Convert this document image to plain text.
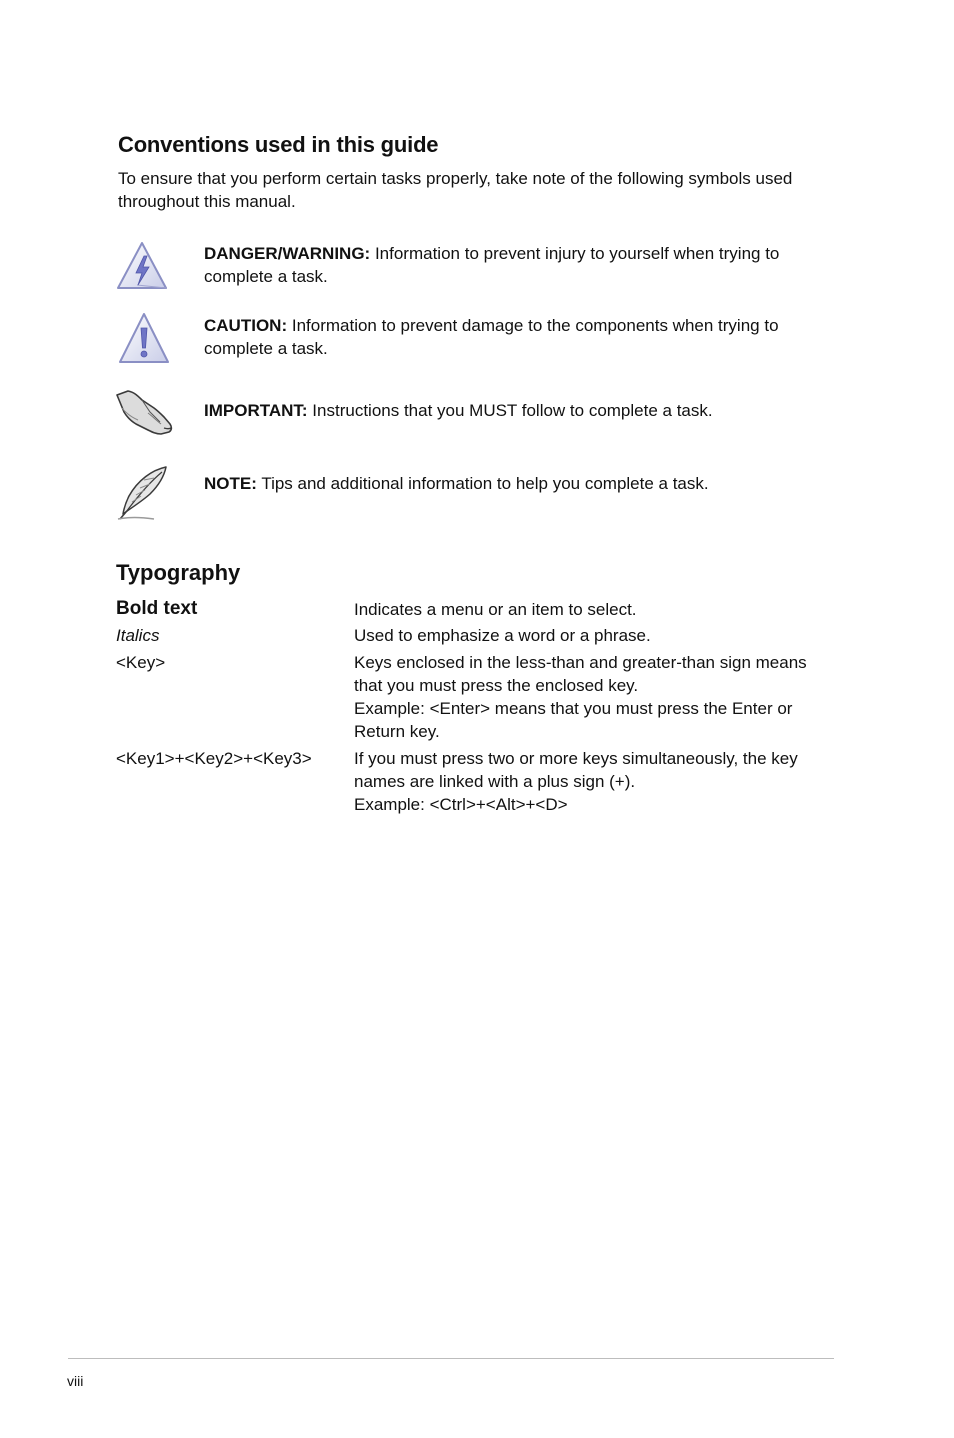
Conventions used in this guide

To ensure that you perform certain tasks properly, take note of the following symbols used throughout this manual.

DANGER/WARNING: Information to prevent injury to yourself when trying to complete a task.

CAUTION: Information to prevent damage to the components when trying to complete a task.

IMPORTANT: Instructions that you MUST follow to complete a task.

NOTE: Tips and additional information to help you complete a task.

Typography

Bold text	Indicates a menu or an item to select.

Italics	Used to emphasize a word or a phrase.

<Key>	Keys enclosed in the less-than and greater-than sign means that you must press the enclosed key.

Example: <Enter> means that you must press the Enter or Return key.

<Key1>+<Key2>+<Key3> If you must press two or more keys simultaneously, the key names are linked with a plus sign (+).

Example: <Ctrl>+<Alt>+<D>

viii
